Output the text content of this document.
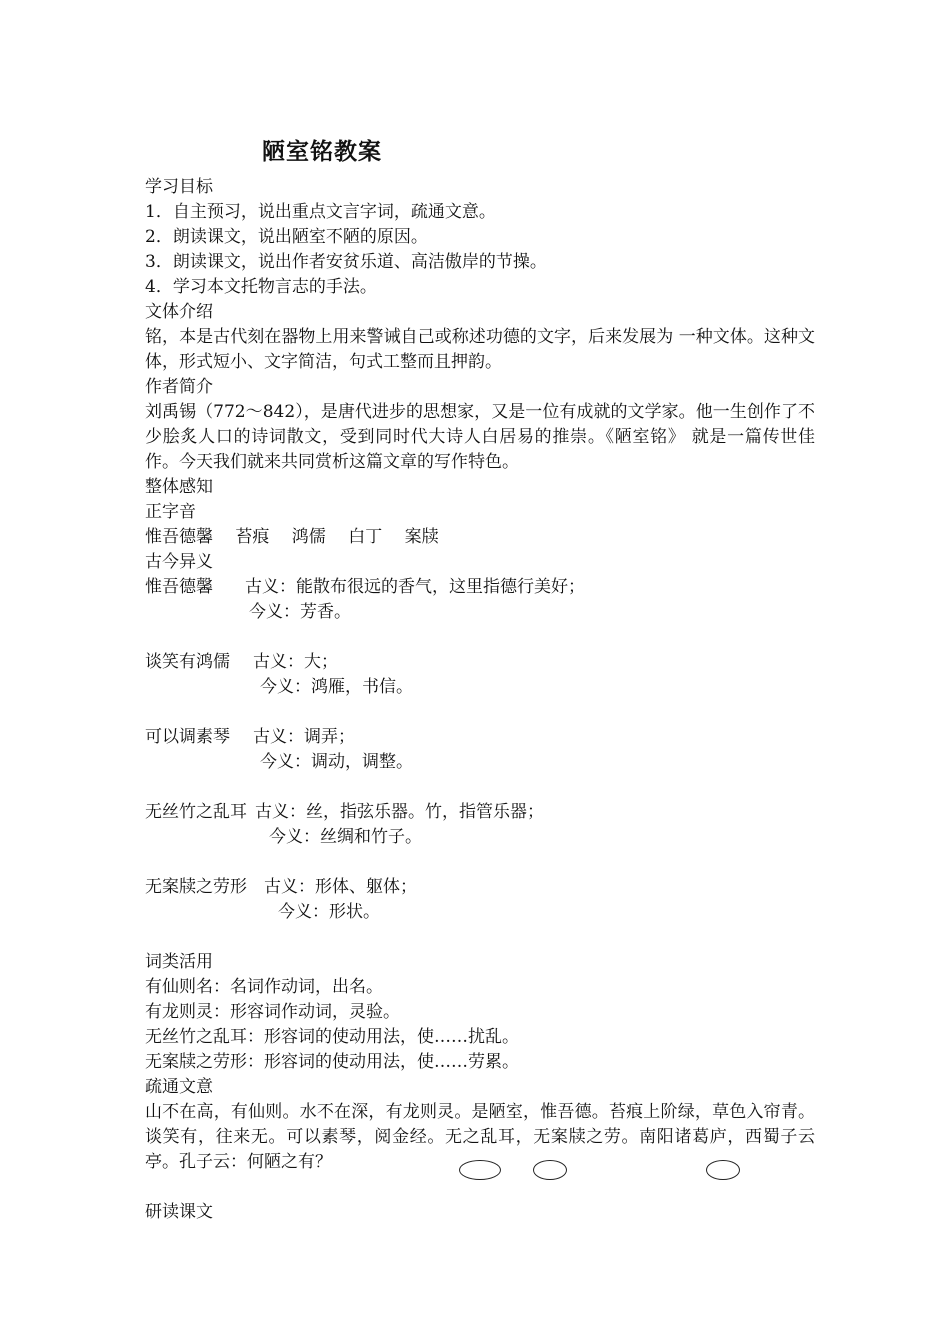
陋室铭教案
学习目标
1．自主预习，说出重点文言字词，疏通文意。
2．朗读课文，说出陋室不陋的原因。
3．朗读课文，说出作者安贫乐道、高洁傲岸的节操。
4．学习本文托物言志的手法。
文体介绍
铭，本是古代刻在器物上用来警诫自己或称述功德的文字，后来发展为 一种文体。这种文体，形式短小、文字简洁，句式工整而且押韵。
作者简介
刘禹锡（772～842），是唐代进步的思想家，又是一位有成就的文学家。他一生创作了不少脍炙人口的诗词散文，受到同时代大诗人白居易的推崇。《陋室铭》 就是一篇传世佳作。今天我们就来共同赏析这篇文章的写作特色。
整体感知
正字音
惟吾德馨　 苔痕　 鸿儒　 白丁　 案牍
古今异义
惟吾德馨 古义：能散布很远的香气，这里指德行美好；
今义：芳香。
谈笑有鸿儒 古义：大；
今义：鸿雁，书信。
可以调素琴 古义：调弄；
今义：调动，调整。
无丝竹之乱耳 古义：丝，指弦乐器。竹，指管乐器；
今义：丝绸和竹子。
无案牍之劳形 古义：形体、躯体；
今义：形状。
词类活用
有仙则名：名词作动词，出名。
有龙则灵：形容词作动词，灵验。
无丝竹之乱耳：形容词的使动用法，使……扰乱。
无案牍之劳形：形容词的使动用法，使……劳累。
疏通文意
山不在高，有仙则。水不在深，有龙则灵。是陋室，惟吾德。苔痕上阶绿，草色入帘青。谈笑有，往来无。可以素琴，阅金经。无之乱耳，无案牍之劳。南阳诸葛庐，西蜀子云亭。孔子云：何陋之有？
研读课文
